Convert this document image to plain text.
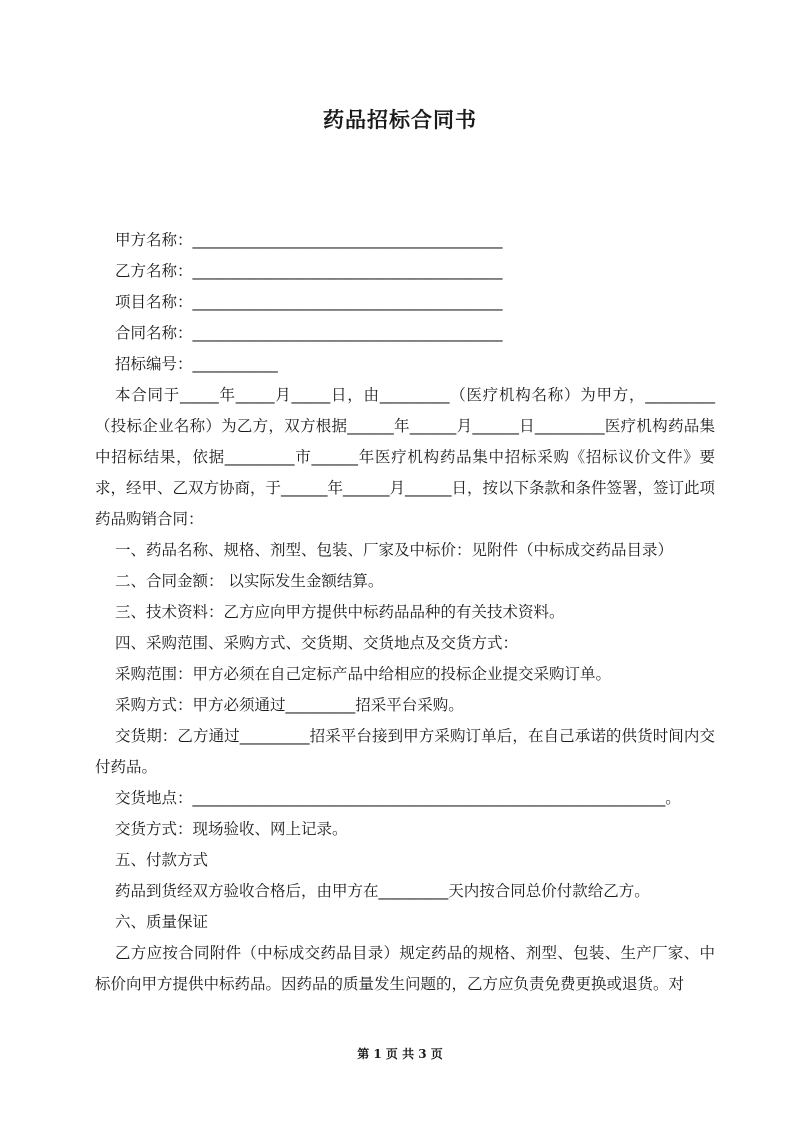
药品招标合同书
甲方名称：________________________________________
乙方名称：________________________________________
项目名称：________________________________________
合同名称：________________________________________
招标编号：___________
本合同于_____年_____月_____日，由_________（医疗机构名称）为甲方，_________（投标企业名称）为乙方，双方根据______年______月______日_________医疗机构药品集中招标结果，依据_________市______年医疗机构药品集中招标采购《招标议价文件》要求，经甲、乙双方协商，于______年______月______日，按以下条款和条件签署，签订此项药品购销合同：
一、药品名称、规格、剂型、包装、厂家及中标价：见附件（中标成交药品目录）
二、合同金额： 以实际发生金额结算。
三、技术资料：乙方应向甲方提供中标药品品种的有关技术资料。
四、采购范围、采购方式、交货期、交货地点及交货方式：
采购范围：甲方必须在自己定标产品中给相应的投标企业提交采购订单。
采购方式：甲方必须通过_________招采平台采购。
交货期：乙方通过_________招采平台接到甲方采购订单后，在自己承诺的供货时间内交付药品。
交货地点：_____________________________________________________________。
交货方式：现场验收、网上记录。
五、付款方式
药品到货经双方验收合格后，由甲方在_________天内按合同总价付款给乙方。
六、质量保证
乙方应按合同附件（中标成交药品目录）规定药品的规格、剂型、包装、生产厂家、中标价向甲方提供中标药品。因药品的质量发生问题的，乙方应负责免费更换或退货。对
第 1 页 共 3 页
